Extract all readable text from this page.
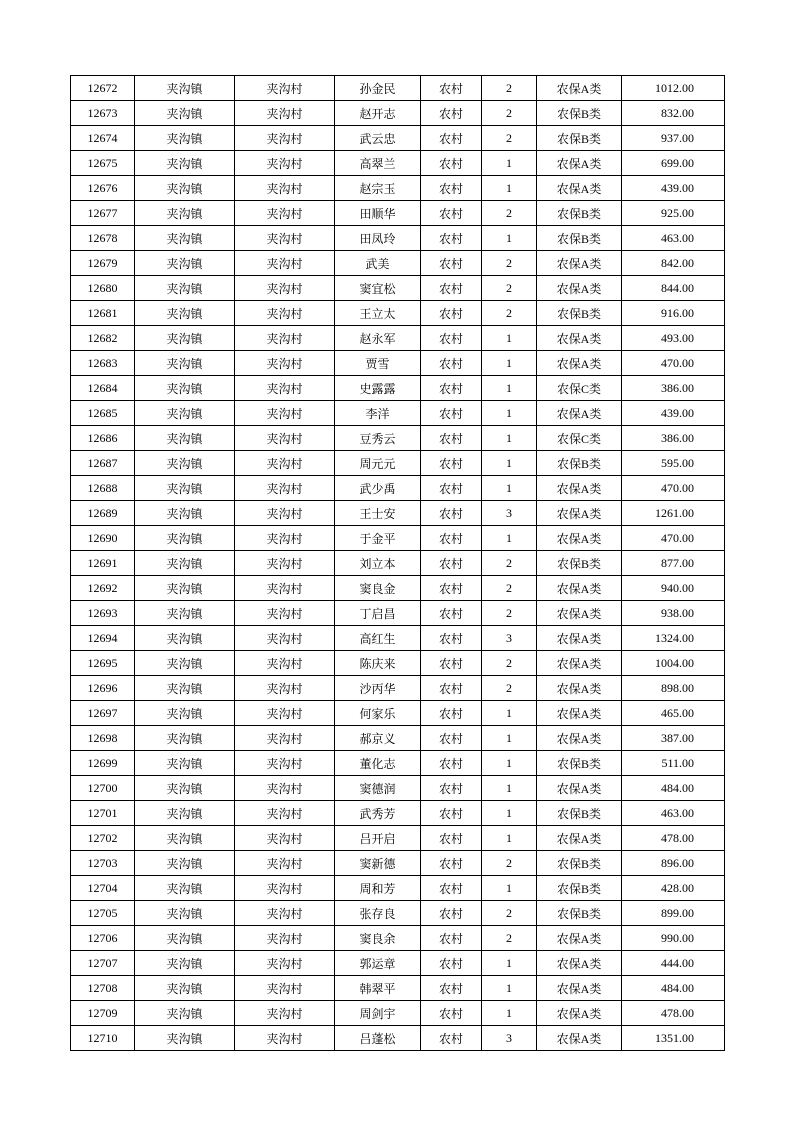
12672	夹沟镇	夹沟村	孙金民	农村	2	农保A类	1012.00
12673	夹沟镇	夹沟村	赵开志	农村	2	农保B类	832.00
12674	夹沟镇	夹沟村	武云忠	农村	2	农保B类	937.00
12675	夹沟镇	夹沟村	高翠兰	农村	1	农保A类	699.00
12676	夹沟镇	夹沟村	赵宗玉	农村	1	农保A类	439.00
12677	夹沟镇	夹沟村	田顺华	农村	2	农保B类	925.00
12678	夹沟镇	夹沟村	田凤玲	农村	1	农保B类	463.00
12679	夹沟镇	夹沟村	武美	农村	2	农保A类	842.00
12680	夹沟镇	夹沟村	窦宜松	农村	2	农保A类	844.00
12681	夹沟镇	夹沟村	王立太	农村	2	农保B类	916.00
12682	夹沟镇	夹沟村	赵永军	农村	1	农保A类	493.00
12683	夹沟镇	夹沟村	贾雪	农村	1	农保A类	470.00
12684	夹沟镇	夹沟村	史露露	农村	1	农保C类	386.00
12685	夹沟镇	夹沟村	李洋	农村	1	农保A类	439.00
12686	夹沟镇	夹沟村	豆秀云	农村	1	农保C类	386.00
12687	夹沟镇	夹沟村	周元元	农村	1	农保B类	595.00
12688	夹沟镇	夹沟村	武少禹	农村	1	农保A类	470.00
12689	夹沟镇	夹沟村	王士安	农村	3	农保A类	1261.00
12690	夹沟镇	夹沟村	于金平	农村	1	农保A类	470.00
12691	夹沟镇	夹沟村	刘立本	农村	2	农保B类	877.00
12692	夹沟镇	夹沟村	窦良金	农村	2	农保A类	940.00
12693	夹沟镇	夹沟村	丁启昌	农村	2	农保A类	938.00
12694	夹沟镇	夹沟村	高红生	农村	3	农保A类	1324.00
12695	夹沟镇	夹沟村	陈庆来	农村	2	农保A类	1004.00
12696	夹沟镇	夹沟村	沙丙华	农村	2	农保A类	898.00
12697	夹沟镇	夹沟村	何家乐	农村	1	农保A类	465.00
12698	夹沟镇	夹沟村	郝京义	农村	1	农保A类	387.00
12699	夹沟镇	夹沟村	董化志	农村	1	农保B类	511.00
12700	夹沟镇	夹沟村	窦德润	农村	1	农保A类	484.00
12701	夹沟镇	夹沟村	武秀芳	农村	1	农保B类	463.00
12702	夹沟镇	夹沟村	吕开启	农村	1	农保A类	478.00
12703	夹沟镇	夹沟村	窦新德	农村	2	农保B类	896.00
12704	夹沟镇	夹沟村	周和芳	农村	1	农保B类	428.00
12705	夹沟镇	夹沟村	张存良	农村	2	农保B类	899.00
12706	夹沟镇	夹沟村	窦良余	农村	2	农保A类	990.00
12707	夹沟镇	夹沟村	郭运章	农村	1	农保A类	444.00
12708	夹沟镇	夹沟村	韩翠平	农村	1	农保A类	484.00
12709	夹沟镇	夹沟村	周剑宇	农村	1	农保A类	478.00
12710	夹沟镇	夹沟村	吕蓬松	农村	3	农保A类	1351.00
